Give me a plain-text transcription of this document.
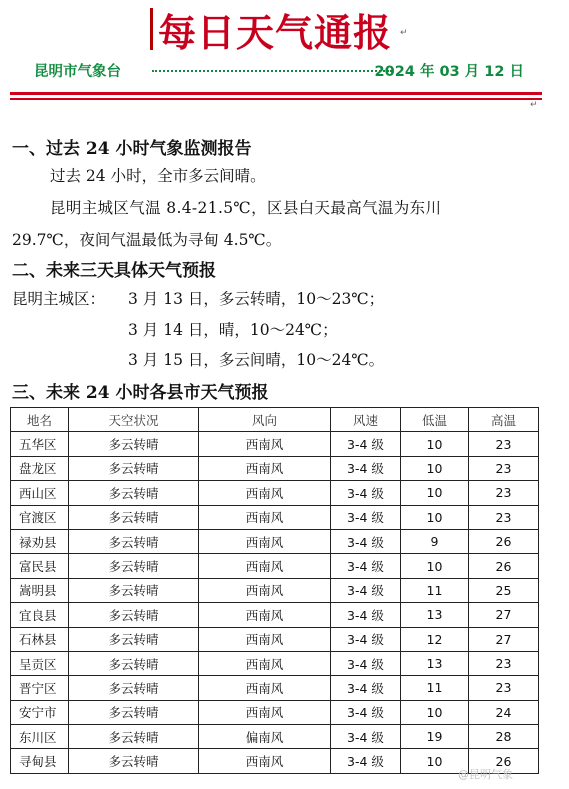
每日天气通报 ↵
昆明市气象台	2024 年 03 月 12 日
↵
一、过去 24 小时气象监测报告
过去 24 小时，全市多云间晴。
昆明主城区气温 8.4-21.5℃，区县白天最高气温为东川
29.7℃，夜间气温最低为寻甸 4.5℃。
二、未来三天具体天气预报
昆明主城区： 3 月 13 日，多云转晴，10～23℃；
3 月 14 日，晴，10～24℃；
3 月 15 日，多云间晴，10～24℃。
三、未来 24 小时各县市天气预报
地名	天空状况	风向	风速	低温	高温
五华区	多云转晴	西南风	3-4 级	10	23
盘龙区	多云转晴	西南风	3-4 级	10	23
西山区	多云转晴	西南风	3-4 级	10	23
官渡区	多云转晴	西南风	3-4 级	10	23
禄劝县	多云转晴	西南风	3-4 级	9	26
富民县	多云转晴	西南风	3-4 级	10	26
嵩明县	多云转晴	西南风	3-4 级	11	25
宜良县	多云转晴	西南风	3-4 级	13	27
石林县	多云转晴	西南风	3-4 级	12	27
呈贡区	多云转晴	西南风	3-4 级	13	23
晋宁区	多云转晴	西南风	3-4 级	11	23
安宁市	多云转晴	西南风	3-4 级	10	24
东川区	多云转晴	偏南风	3-4 级	19	28
寻甸县	多云转晴	西南风	3-4 级	10	26
@昆明气象
